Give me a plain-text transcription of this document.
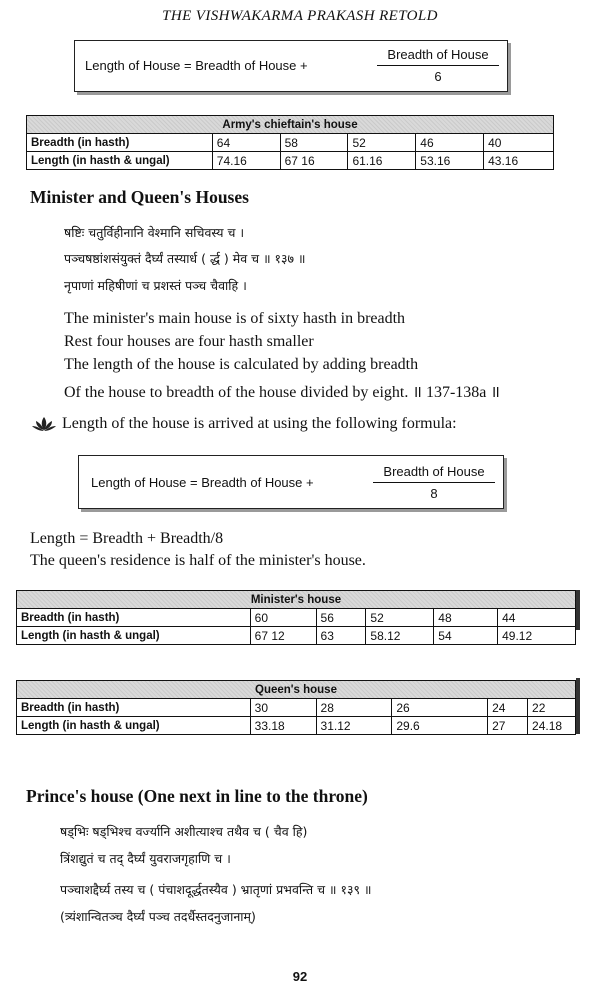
THE VISHWAKARMA PRAKASH RETOLD
Length of House = Breadth of House +
Breadth of House
6
Army's chieftain's house					
Breadth (in hasth)	64	58	52	46	40
Length (in hasth & ungal)	74.16	67 16	61.16	53.16	43.16
Minister and Queen's Houses
षष्टिः चतुर्विहीनानि वेश्मानि सचिवस्य च ।
पञ्चषष्ठांशसंयुक्तं दैर्घ्यं तस्यार्ध ( र्द्ध ) मेव च ॥ १३७ ॥
नृपाणां महिषीणां च प्रशस्तं पञ्च चैवाहि ।
The minister's main house is of sixty hasth in breadth
Rest four houses are four hasth smaller
The length of the house is calculated by adding breadth
Of the house to breadth of the house divided by eight. ॥ 137-138a ॥
Length of the house is arrived at using the following formula:
Length of House = Breadth of House +
Breadth of House
8
Length = Breadth + Breadth/8
The queen's residence is half of the minister's house.
Minister's house					
Breadth (in hasth)	60	56	52	48	44
Length (in hasth & ungal)	67 12	63	58.12	54	49.12
Queen's house					
Breadth (in hasth)	30	28	26	24	22
Length (in hasth & ungal)	33.18	31.12	29.6	27	24.18
Prince's house (One next in line to the throne)
षड्भिः षड्भिश्च वर्ज्यानि अशीत्याश्च तथैव च ( चैव हि)
त्रिंशद्युतं च तद् दैर्घ्यं युवराजगृहाणि च ।
पञ्चाशद्दैर्घ्य तस्य च ( पंचाशदूर्द्धतस्यैव ) भ्रातृणां प्रभवन्ति च ॥ १३९ ॥
(त्र्यंशान्वितञ्च दैर्घ्यं पञ्च तदर्धैस्तदनुजानाम्)
92
